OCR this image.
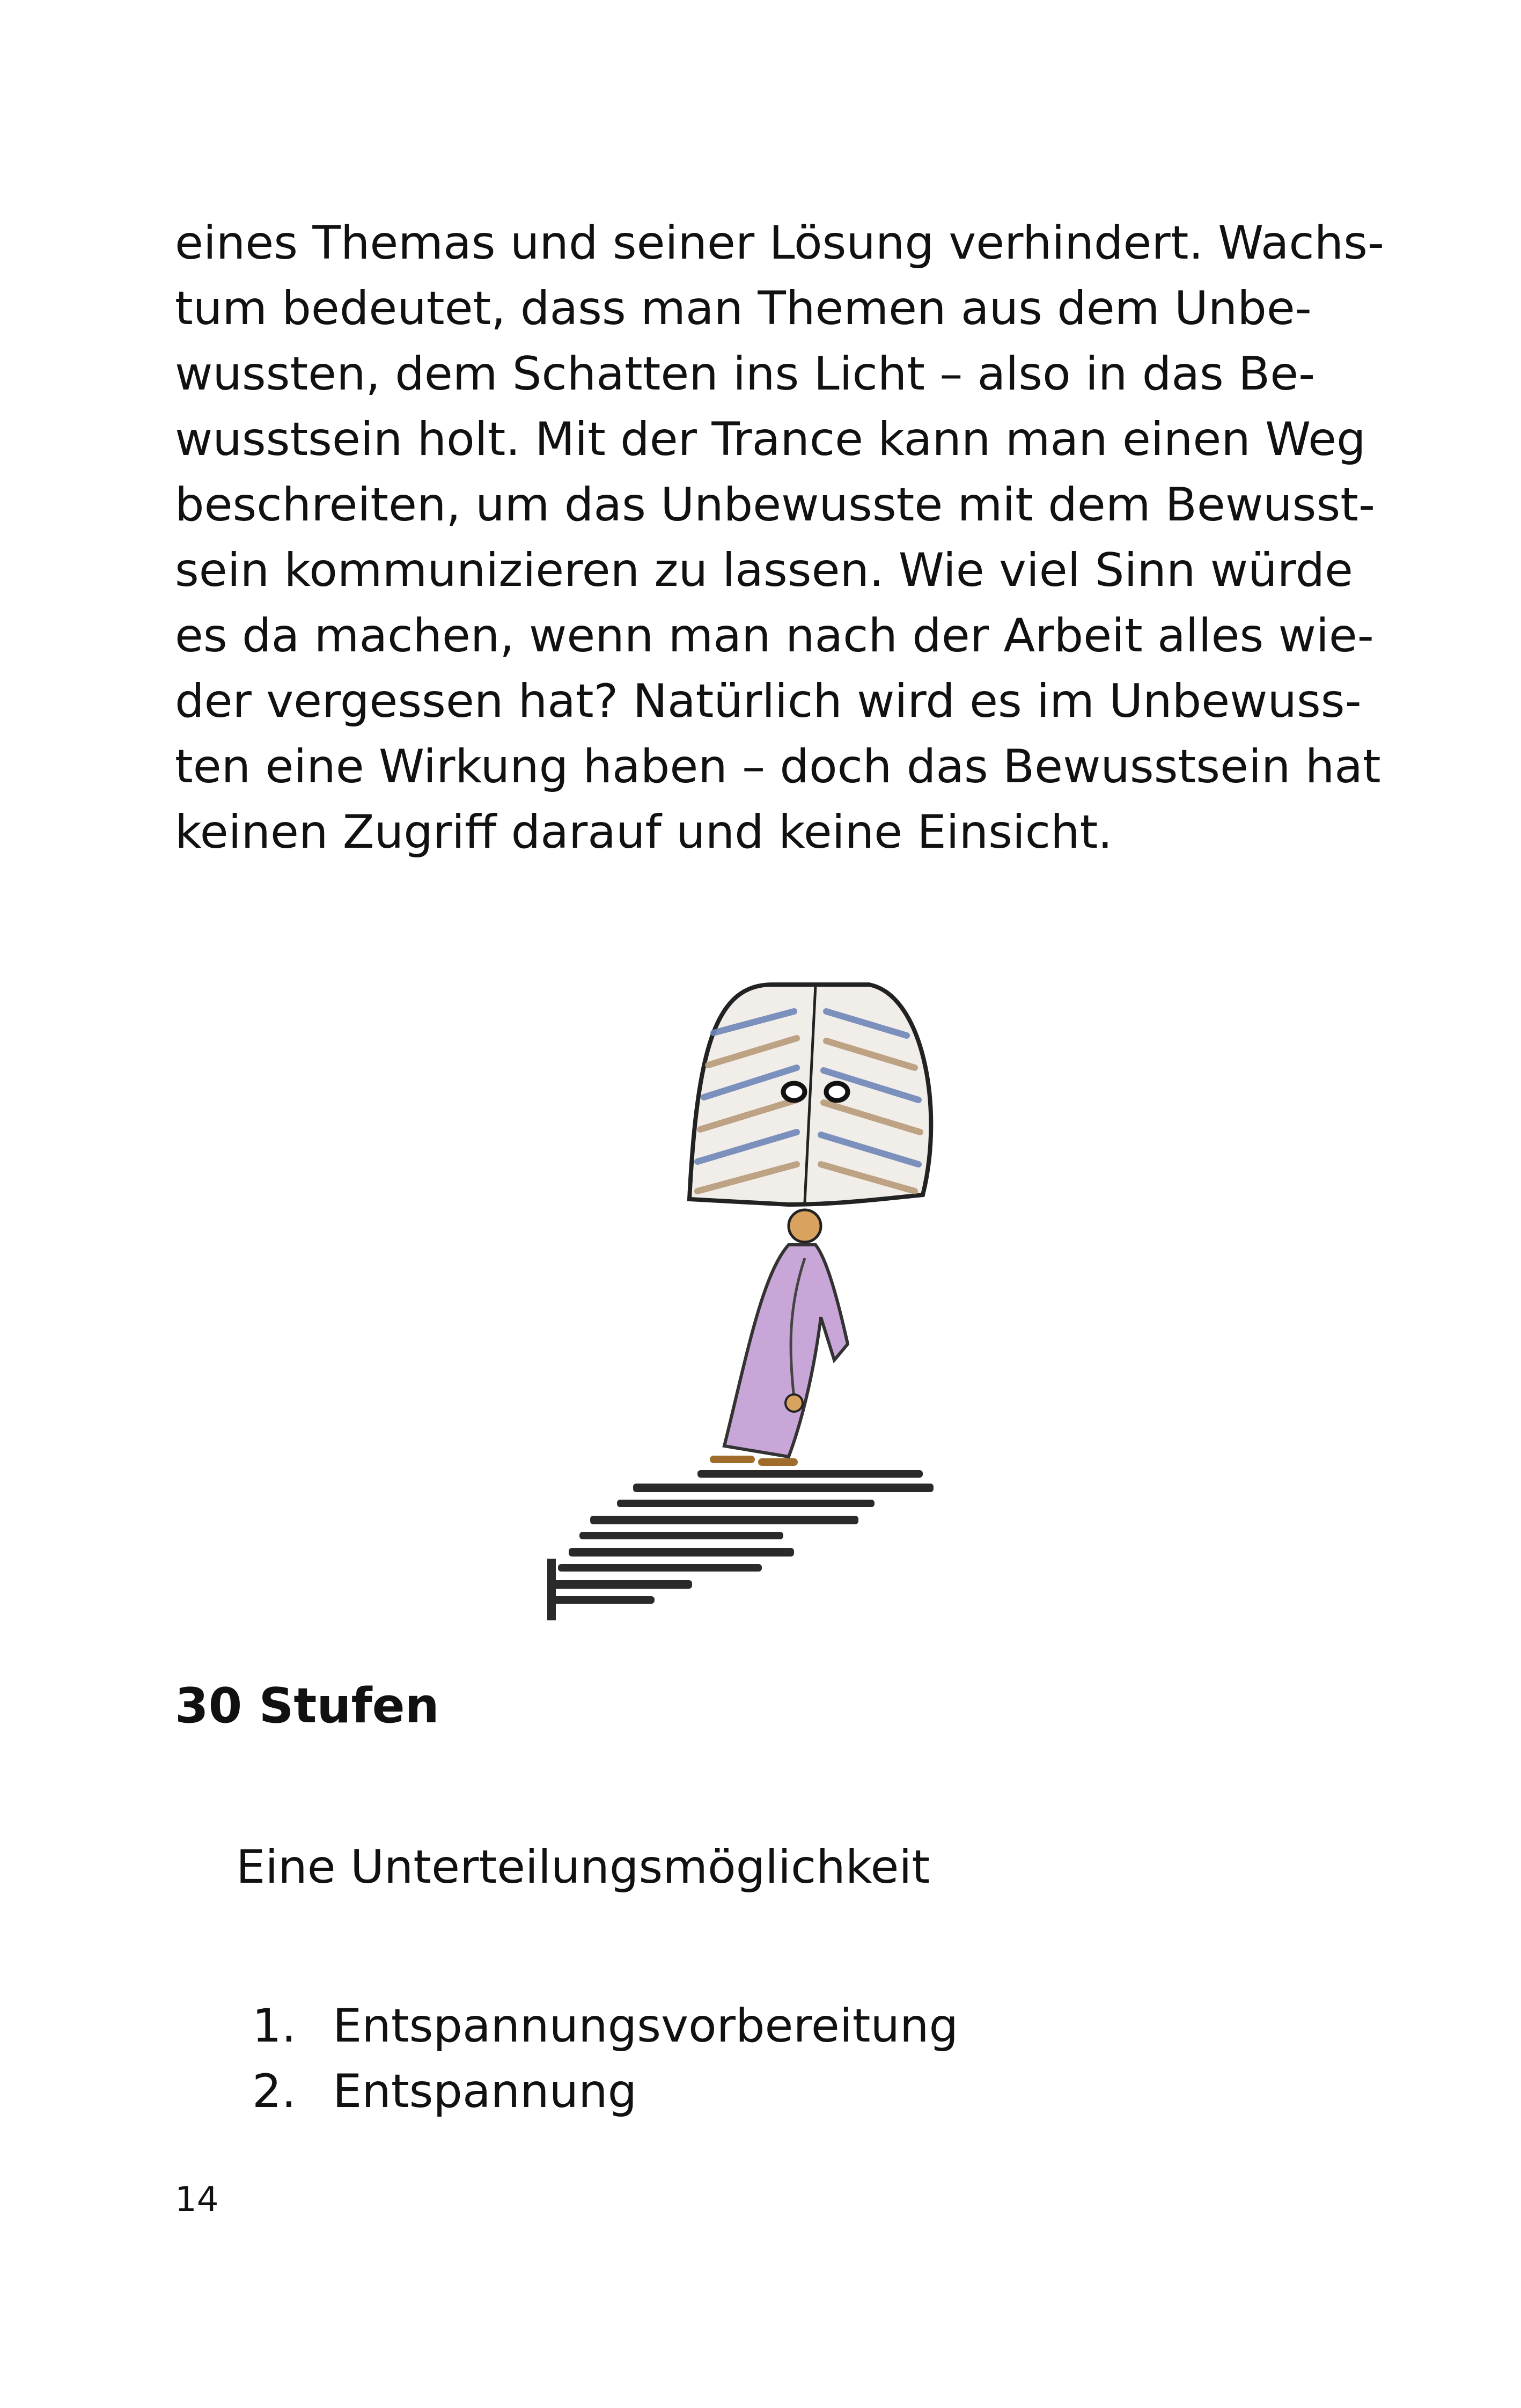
eines Themas und seiner Lösung verhindert. Wachs-
tum bedeutet, dass man Themen aus dem Unbe-
wussten, dem Schatten ins Licht – also in das Be-
wusstsein holt. Mit der Trance kann man einen Weg
beschreiten, um das Unbewusste mit dem Bewusst-
sein kommunizieren zu lassen. Wie viel Sinn würde
es da machen, wenn man nach der Arbeit alles wie-
der vergessen hat? Natürlich wird es im Unbewuss-
ten eine Wirkung haben – doch das Bewusstsein hat
keinen Zugriff darauf und keine Einsicht.
30 Stufen
Eine Unterteilungsmöglichkeit
1. Entspannungsvorbereitung
2. Entspannung
14
